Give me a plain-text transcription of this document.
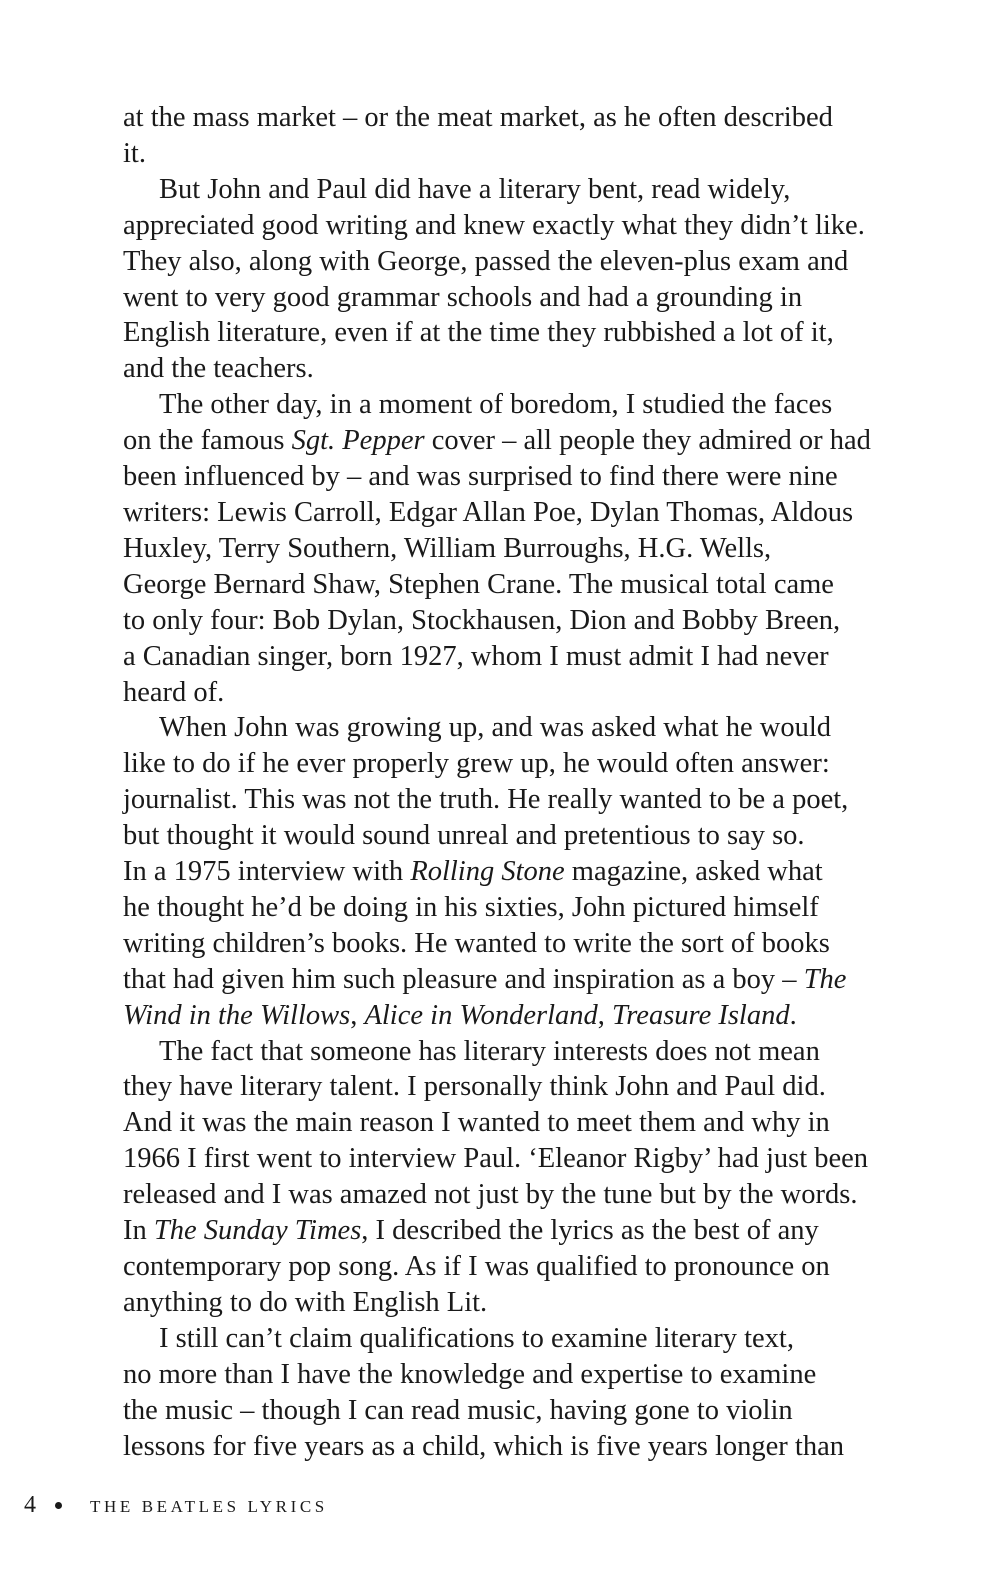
at the mass market – or the meat market, as he often described
it.
But John and Paul did have a literary bent, read widely,
appreciated good writing and knew exactly what they didn’t like.
They also, along with George, passed the eleven-plus exam and
went to very good grammar schools and had a grounding in
English literature, even if at the time they rubbished a lot of it,
and the teachers.
The other day, in a moment of boredom, I studied the faces
on the famous Sgt. Pepper cover – all people they admired or had
been influenced by – and was surprised to find there were nine
writers: Lewis Carroll, Edgar Allan Poe, Dylan Thomas, Aldous
Huxley, Terry Southern, William Burroughs, H.G. Wells,
George Bernard Shaw, Stephen Crane. The musical total came
to only four: Bob Dylan, Stockhausen, Dion and Bobby Breen,
a Canadian singer, born 1927, whom I must admit I had never
heard of.
When John was growing up, and was asked what he would
like to do if he ever properly grew up, he would often answer:
journalist. This was not the truth. He really wanted to be a poet,
but thought it would sound unreal and pretentious to say so.
In a 1975 interview with Rolling Stone magazine, asked what
he thought he’d be doing in his sixties, John pictured himself
writing children’s books. He wanted to write the sort of books
that had given him such pleasure and inspiration as a boy – The
Wind in the Willows, Alice in Wonderland, Treasure Island.
The fact that someone has literary interests does not mean
they have literary talent. I personally think John and Paul did.
And it was the main reason I wanted to meet them and why in
1966 I first went to interview Paul. ‘Eleanor Rigby’ had just been
released and I was amazed not just by the tune but by the words.
In The Sunday Times, I described the lyrics as the best of any
contemporary pop song. As if I was qualified to pronounce on
anything to do with English Lit.
I still can’t claim qualifications to examine literary text,
no more than I have the knowledge and expertise to examine
the music – though I can read music, having gone to violin
lessons for five years as a child, which is five years longer than
4	THE BEATLES LYRICS
